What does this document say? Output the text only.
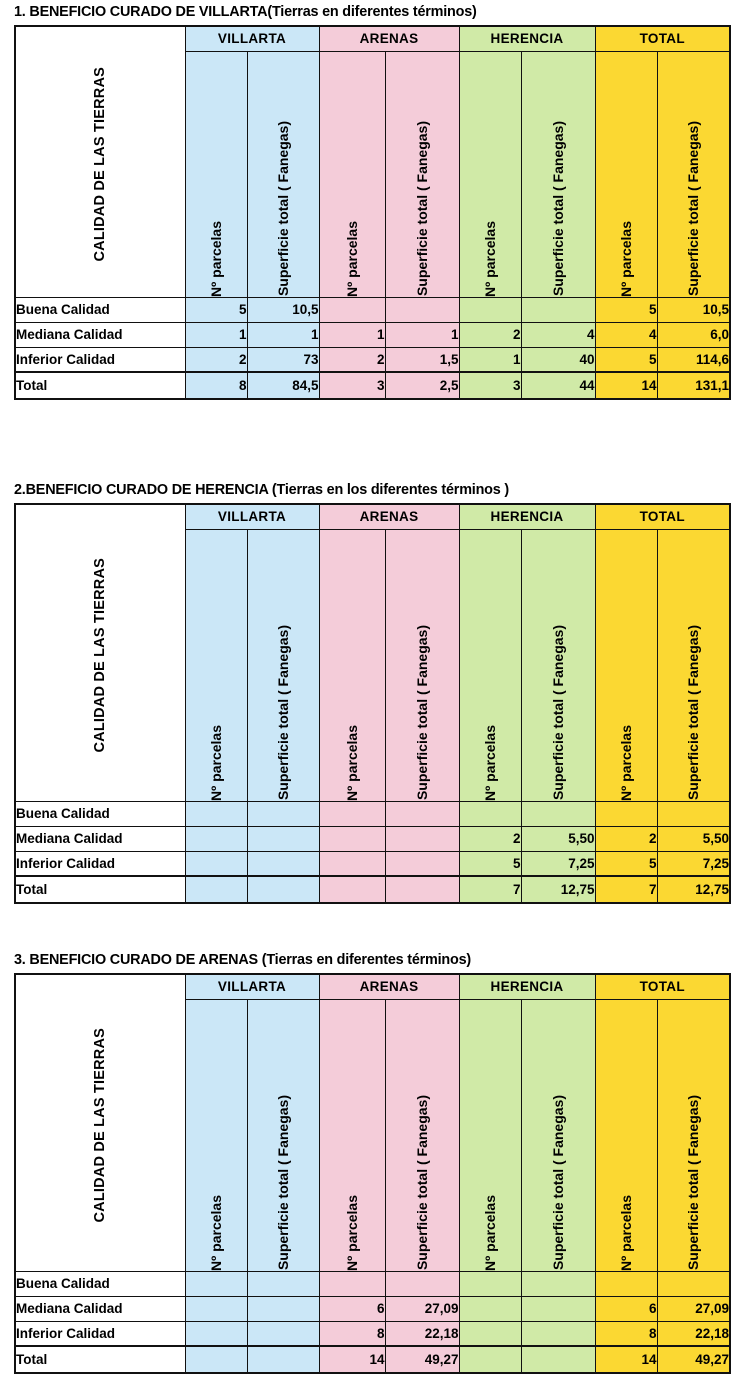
1. BENEFICIO CURADO DE VILLARTA(Tierras en diferentes términos)
CALIDAD DE LAS TIERRAS	VILLARTA		ARENAS		HERENCIA		TOTAL	

	Nº parcelas	Superficie total ( Fanegas)	Nº parcelas	Superficie total ( Fanegas)	Nº parcelas	Superficie total ( Fanegas)	Nº parcelas	Superficie total ( Fanegas)

Buena Calidad	5	10,5					5	10,5
Mediana Calidad	1	1	1	1	2	4	4	6,0
Inferior Calidad	2	73	2	1,5	1	40	5	114,6
Total	8	84,5	3	2,5	3	44	14	131,1
2.BENEFICIO CURADO DE HERENCIA (Tierras en los diferentes términos )
CALIDAD DE LAS TIERRAS	VILLARTA		ARENAS		HERENCIA		TOTAL	

	Nº parcelas	Superficie total ( Fanegas)	Nº parcelas	Superficie total ( Fanegas)	Nº parcelas	Superficie total ( Fanegas)	Nº parcelas	Superficie total ( Fanegas)

Buena Calidad								
Mediana Calidad					2	5,50	2	5,50
Inferior Calidad					5	7,25	5	7,25
Total					7	12,75	7	12,75
3. BENEFICIO CURADO DE ARENAS (Tierras en diferentes términos)
CALIDAD DE LAS TIERRAS	VILLARTA		ARENAS		HERENCIA		TOTAL	

	Nº parcelas	Superficie total ( Fanegas)	Nº parcelas	Superficie total ( Fanegas)	Nº parcelas	Superficie total ( Fanegas)	Nº parcelas	Superficie total ( Fanegas)

Buena Calidad								
Mediana Calidad			6	27,09			6	27,09
Inferior Calidad			8	22,18			8	22,18
Total			14	49,27			14	49,27
